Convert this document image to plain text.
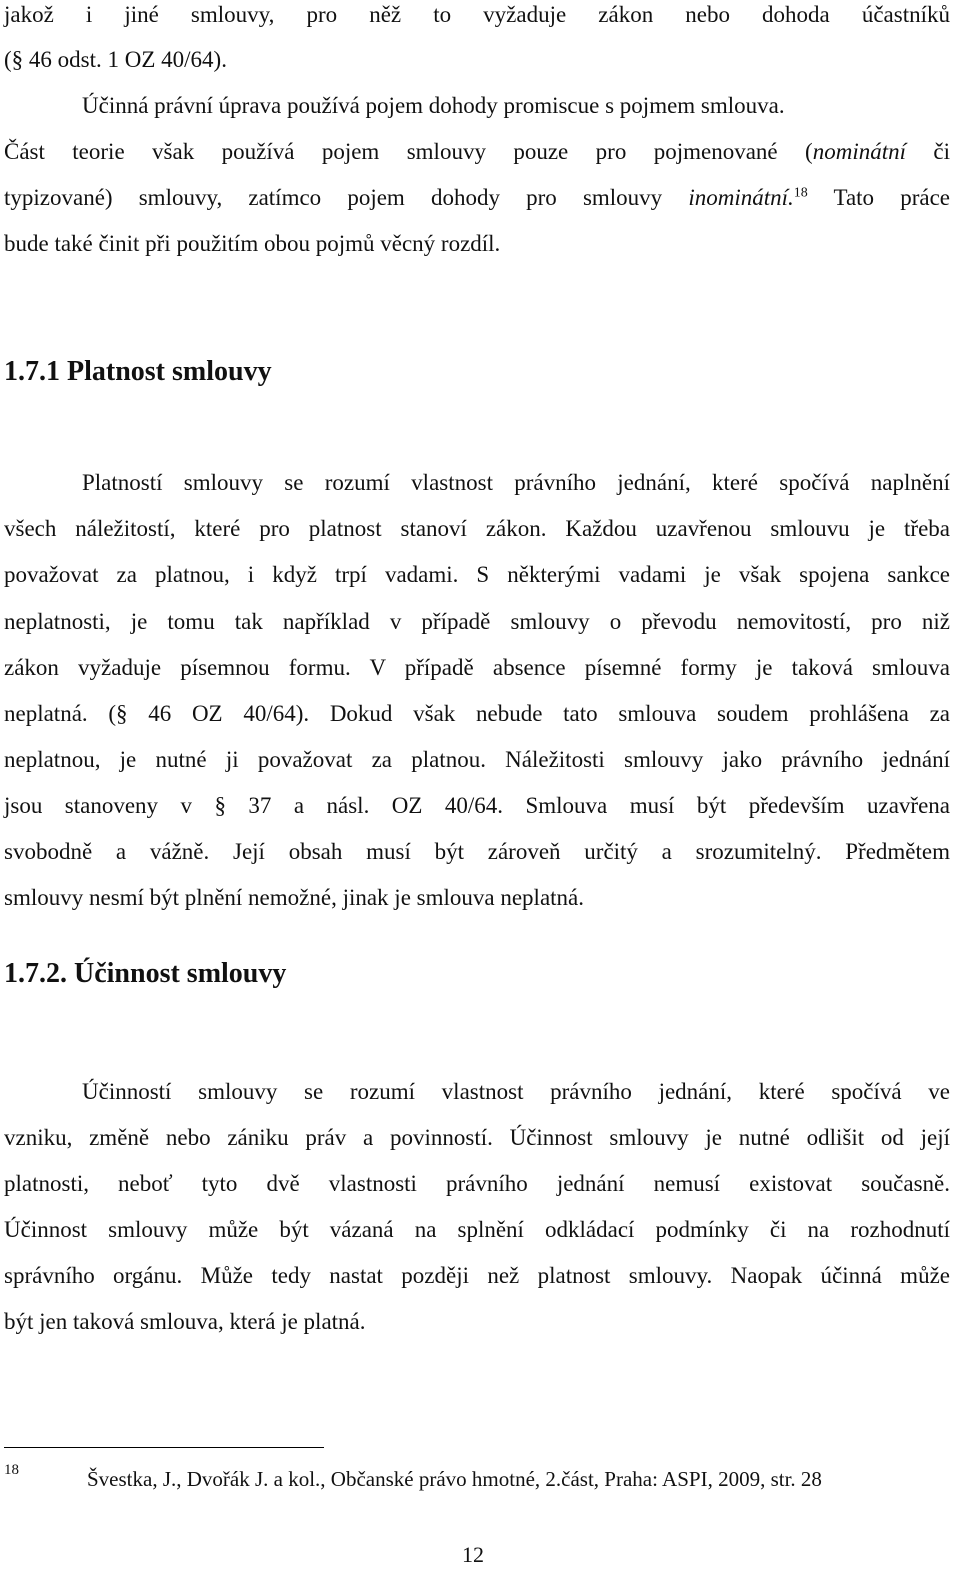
jakož i jiné smlouvy, pro něž to vyžaduje zákon nebo dohoda účastníků
(§ 46 odst. 1 OZ 40/64).
Účinná právní úprava používá pojem dohody promiscue s pojmem smlouva.
Část teorie však používá pojem smlouvy pouze pro pojmenované (nominátní či
typizované) smlouvy, zatímco pojem dohody pro smlouvy inominátní.$^{18}$ Tato práce
bude také činit při použitím obou pojmů věcný rozdíl.
1.7.1 Platnost smlouvy
Platností smlouvy se rozumí vlastnost právního jednání, které spočívá naplnění
všech náležitostí, které pro platnost stanoví zákon. Každou uzavřenou smlouvu je třeba
považovat za platnou, i když trpí vadami. S některými vadami je však spojena sankce
neplatnosti, je tomu tak například v případě smlouvy o převodu nemovitostí, pro niž
zákon vyžaduje písemnou formu. V případě absence písemné formy je taková smlouva
neplatná. (§ 46 OZ 40/64). Dokud však nebude tato smlouva soudem prohlášena za
neplatnou, je nutné ji považovat za platnou. Náležitosti smlouvy jako právního jednání
jsou stanoveny v § 37 a násl. OZ 40/64. Smlouva musí být především uzavřena
svobodně a vážně. Její obsah musí být zároveň určitý a srozumitelný. Předmětem
smlouvy nesmí být plnění nemožné, jinak je smlouva neplatná.
1.7.2. Účinnost smlouvy
Účinností smlouvy se rozumí vlastnost právního jednání, které spočívá ve
vzniku, změně nebo zániku práv a povinností. Účinnost smlouvy je nutné odlišit od její
platnosti, neboť tyto dvě vlastnosti právního jednání nemusí existovat současně.
Účinnost smlouvy může být vázaná na splnění odkládací podmínky či na rozhodnutí
správního orgánu. Může tedy nastat později než platnost smlouvy. Naopak účinná může
být jen taková smlouva, která je platná.
18	Švestka, J., Dvořák J. a kol., Občanské právo hmotné, 2.část, Praha: ASPI, 2009, str. 28
12
